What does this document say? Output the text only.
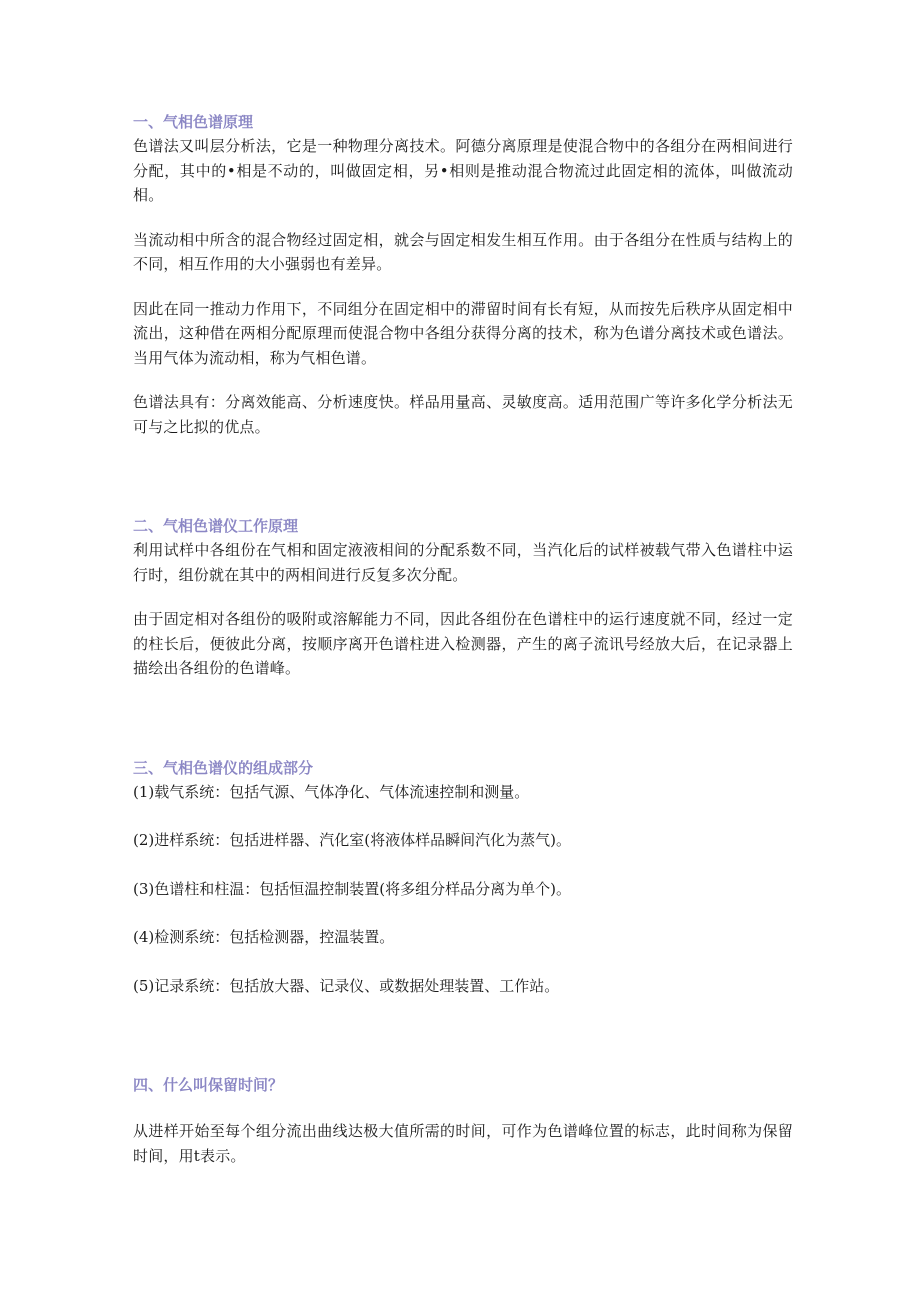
一、气相色谱原理

色谱法又叫层分析法，它是一种物理分离技术。阿德分离原理是使混合物中的各组分在两相间进行分配，其中的•相是不动的，叫做固定相，另•相则是推动混合物流过此固定相的流体，叫做流动相。

当流动相中所含的混合物经过固定相，就会与固定相发生相互作用。由于各组分在性质与结构上的不同，相互作用的大小强弱也有差异。

因此在同一推动力作用下，不同组分在固定相中的滞留时间有长有短，从而按先后秩序从固定相中流出，这种借在两相分配原理而使混合物中各组分获得分离的技术，称为色谱分离技术或色谱法。当用气体为流动相，称为气相色谱。

色谱法具有：分离效能高、分析速度快。样品用量高、灵敏度高。适用范围广等许多化学分析法无可与之比拟的优点。

二、气相色谱仪工作原理

利用试样中各组份在气相和固定液液相间的分配系数不同，当汽化后的试样被载气带入色谱柱中运行时，组份就在其中的两相间进行反复多次分配。

由于固定相对各组份的吸附或溶解能力不同，因此各组份在色谱柱中的运行速度就不同，经过一定的柱长后，便彼此分离，按顺序离开色谱柱进入检测器，产生的离子流讯号经放大后，在记录器上描绘出各组份的色谱峰。

三、气相色谱仪的组成部分

(1)载气系统：包括气源、气体净化、气体流速控制和测量。

(2)进样系统：包括进样器、汽化室(将液体样品瞬间汽化为蒸气)。

(3)色谱柱和柱温：包括恒温控制装置(将多组分样品分离为单个)。

(4)检测系统：包括检测器，控温装置。

(5)记录系统：包括放大器、记录仪、或数据处理装置、工作站。

四、什么叫保留时间？

从进样开始至每个组分流出曲线达极大值所需的时间，可作为色谱峰位置的标志，此时间称为保留时间，用t表示。
